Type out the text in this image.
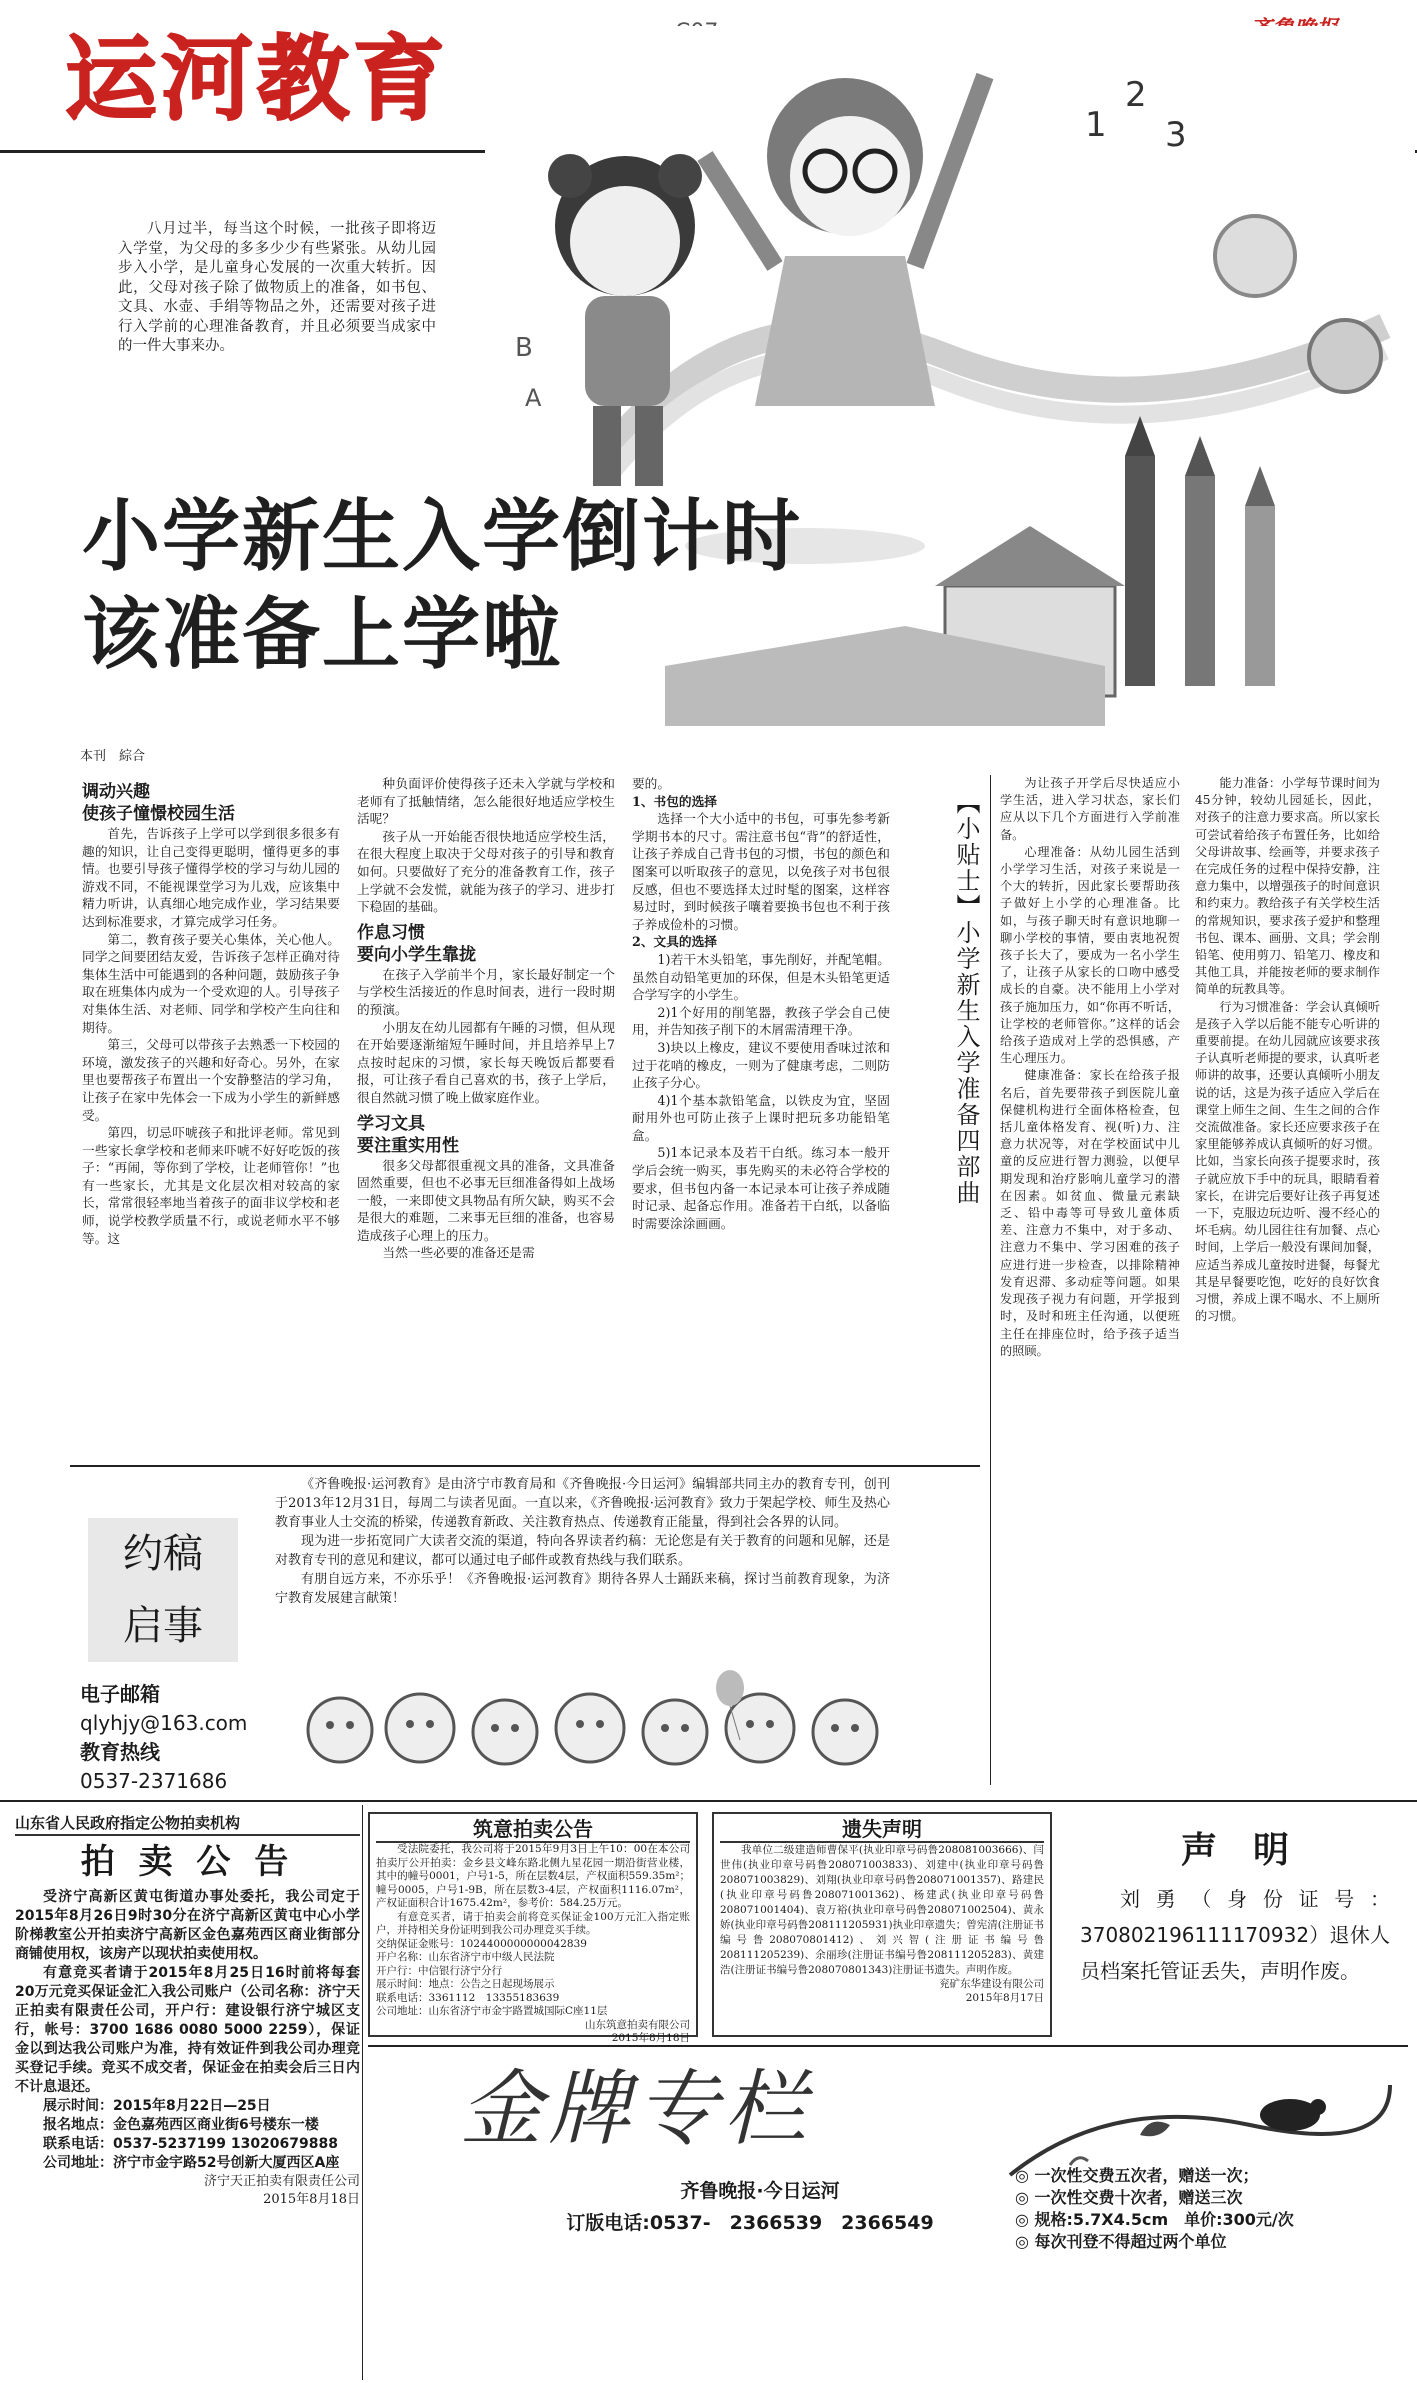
运河教育
八月过半，每当这个时候，一批孩子即将迈入学堂，为父母的多多少少有些紧张。从幼儿园步入小学，是儿童身心发展的一次重大转折。因此，父母对孩子除了做物质上的准备，如书包、文具、水壶、手绢等物品之外，还需要对孩子进行入学前的心理准备教育，并且必须要当成家中的一件大事来办。
1
2
3
B
A
小学新生入学倒计时
该准备上学啦
本刊　綜合
调动兴趣
使孩子憧憬校园生活

首先，告诉孩子上学可以学到很多很多有趣的知识，让自己变得更聪明，懂得更多的事情。也要引导孩子懂得学校的学习与幼儿园的游戏不同，不能视课堂学习为儿戏，应该集中精力听讲，认真细心地完成作业，学习结果要达到标准要求，才算完成学习任务。

第二，教育孩子要关心集体，关心他人。同学之间要团结友爱，告诉孩子怎样正确对待集体生活中可能遇到的各种问题，鼓励孩子争取在班集体内成为一个受欢迎的人。引导孩子对集体生活、对老师、同学和学校产生向往和期待。

第三，父母可以带孩子去熟悉一下校园的环境，激发孩子的兴趣和好奇心。另外，在家里也要帮孩子布置出一个安静整洁的学习角，让孩子在家中先体会一下成为小学生的新鲜感受。

第四，切忌吓唬孩子和批评老师。常见到一些家长拿学校和老师来吓唬不好好吃饭的孩子：“再闹，等你到了学校，让老师管你！”也有一些家长，尤其是文化层次相对较高的家长，常常很轻率地当着孩子的面非议学校和老师，说学校教学质量不行，或说老师水平不够等。这

种负面评价使得孩子还未入学就与学校和老师有了抵触情绪，怎么能很好地适应学校生活呢？

孩子从一开始能否很快地适应学校生活，在很大程度上取决于父母对孩子的引导和教育如何。只要做好了充分的准备教育工作，孩子上学就不会发慌，就能为孩子的学习、进步打下稳固的基础。

作息习惯
要向小学生靠拢

在孩子入学前半个月，家长最好制定一个与学校生活接近的作息时间表，进行一段时期的预演。

小朋友在幼儿园都有午睡的习惯，但从现在开始要逐渐缩短午睡时间，并且培养早上7点按时起床的习惯，家长每天晚饭后都要看报，可让孩子看自己喜欢的书，孩子上学后，很自然就习惯了晚上做家庭作业。

学习文具
要注重实用性

很多父母都很重视文具的准备，文具准备固然重要，但也不必事无巨细准备得如上战场一般，一来即使文具物品有所欠缺，购买不会是很大的难题，二来事无巨细的准备，也容易造成孩子心理上的压力。

当然一些必要的准备还是需

要的。
1、书包的选择

选择一个大小适中的书包，可事先参考新学期书本的尺寸。需注意书包“背”的舒适性，让孩子养成自己背书包的习惯，书包的颜色和图案可以听取孩子的意见，以免孩子对书包很反感，但也不要选择太过时髦的图案，这样容易过时，到时候孩子嚷着要换书包也不利于孩子养成俭朴的习惯。

2、文具的选择

1)若干木头铅笔，事先削好，并配笔帽。虽然自动铅笔更加的环保，但是木头铅笔更适合学写字的小学生。

2)1个好用的削笔器，教孩子学会自己使用，并告知孩子削下的木屑需清理干净。

3)块以上橡皮，建议不要使用香味过浓和过于花哨的橡皮，一则为了健康考虑，二则防止孩子分心。

4)1个基本款铅笔盒，以铁皮为宜，坚固耐用外也可防止孩子上课时把玩多功能铅笔盒。

5)1本记录本及若干白纸。练习本一般开学后会统一购买，事先购买的未必符合学校的要求，但书包内备一本记录本可让孩子养成随时记录、起备忘作用。准备若干白纸，以备临时需要涂涂画画。

【小贴士】小学新生入学准备四部曲

为让孩子开学后尽快适应小学生活，进入学习状态，家长们应从以下几个方面进行入学前准备。

心理准备：从幼儿园生活到小学学习生活，对孩子来说是一个大的转折，因此家长要帮助孩子做好上小学的心理准备。比如，与孩子聊天时有意识地聊一聊小学校的事情，要由衷地祝贺孩子长大了，要成为一名小学生了，让孩子从家长的口吻中感受成长的自豪。决不能用上小学对孩子施加压力，如“你再不听话，让学校的老师管你。”这样的话会给孩子造成对上学的恐惧感，产生心理压力。

健康准备：家长在给孩子报名后，首先要带孩子到医院儿童保健机构进行全面体格检查，包括儿童体格发育、视(听)力、注意力状况等，对在学校面试中儿童的反应进行智力测验，以便早期发现和治疗影响儿童学习的潜在因素。如贫血、微量元素缺乏、铅中毒等可导致儿童体质差、注意力不集中，对于多动、注意力不集中、学习困难的孩子应进行进一步检查，以排除精神发育迟滞、多动症等问题。如果发现孩子视力有问题，开学报到时，及时和班主任沟通，以便班主任在排座位时，给予孩子适当的照顾。

能力准备：小学每节课时间为45分钟，较幼儿园延长，因此，对孩子的注意力要求高。所以家长可尝试着给孩子布置任务，比如给父母讲故事、绘画等，并要求孩子在完成任务的过程中保持安静，注意力集中，以增强孩子的时间意识和约束力。教给孩子有关学校生活的常规知识，要求孩子爱护和整理书包、课本、画册、文具；学会削铅笔、使用剪刀、铅笔刀、橡皮和其他工具，并能按老师的要求制作简单的玩教具等。

行为习惯准备：学会认真倾听是孩子入学以后能不能专心听讲的重要前提。在幼儿园就应该要求孩子认真听老师提的要求，认真听老师讲的故事，还要认真倾听小朋友说的话，这是为孩子适应入学后在课堂上师生之间、生生之间的合作交流做准备。家长还应要求孩子在家里能够养成认真倾听的好习惯。比如，当家长向孩子提要求时，孩子就应放下手中的玩具，眼睛看着家长，在讲完后要好让孩子再复述一下，克服边玩边听、漫不经心的坏毛病。幼儿园往往有加餐、点心时间，上学后一般没有课间加餐，应适当养成儿童按时进餐，每餐尤其是早餐要吃饱，吃好的良好饮食习惯，养成上课不喝水、不上厕所的习惯。

约稿
启事
电子邮箱
qlyhjy@163.com
教育热线
0537-2371686

《齐鲁晚报·运河教育》是由济宁市教育局和《齐鲁晚报·今日运河》编辑部共同主办的教育专刊，创刊于2013年12月31日，每周二与读者见面。一直以来，《齐鲁晚报·运河教育》致力于架起学校、师生及热心教育事业人士交流的桥梁，传递教育新政、关注教育热点、传递教育正能量，得到社会各界的认同。

现为进一步拓宽同广大读者交流的渠道，特向各界读者约稿：无论您是有关于教育的问题和见解，还是对教育专刊的意见和建议，都可以通过电子邮件或教育热线与我们联系。

有朋自远方来，不亦乐乎！《齐鲁晚报·运河教育》期待各界人士踊跃来稿，探讨当前教育现象，为济宁教育发展建言献策！

山东省人民政府指定公物拍卖机构
拍 卖 公 告
受济宁高新区黄屯街道办事处委托，我公司定于2015年8月26日9时30分在济宁高新区黄屯中心小学阶梯教室公开拍卖济宁高新区金色嘉苑西区商业街部分商铺使用权，该房产以现状拍卖使用权。
有意竞买者请于2015年8月25日16时前将每套20万元竞买保证金汇入我公司账户（公司名称：济宁天正拍卖有限责任公司，开户行：建设银行济宁城区支行，帐号：3700 1686 0080 5000 2259），保证金以到达我公司账户为准，持有效证件到我公司办理竞买登记手续。竞买不成交者，保证金在拍卖会后三日内不计息退还。
展示时间：2015年8月22日—25日
报名地点：金色嘉苑西区商业街6号楼东一楼
联系电话：0537-5237199 13020679888
公司地址：济宁市金宇路52号创新大厦西区A座
济宁天正拍卖有限责任公司
2015年8月18日
筑意拍卖公告
受法院委托，我公司将于2015年9月3日上午10：00在本公司拍卖厅公开拍卖：金乡县文峰东路北侧九星花园一期沿街营业楼，其中的幢号0001，户号1-5，所在层数4层，产权面积559.35m²；幢号0005，户号1-9B，所在层数3-4层，产权面积1116.07m²，产权证面积合计1675.42m²，参考价：584.25万元。
有意竞买者，请于拍卖会前将竞买保证金100万元汇入指定账户，并持相关身份证明到我公司办理竞买手续。
交纳保证金账号：1024400000000042839
开户名称：山东省济宁市中级人民法院
开户行：中信银行济宁分行
展示时间：地点：公告之日起现场展示
联系电话：3361112　13355183639
公司地址：山东省济宁市金宇路置城国际C座11层
山东筑意拍卖有限公司
2015年8月18日
遗失声明
我单位二级建造师曹保平(执业印章号码鲁208081003666)、闫世伟(执业印章号码鲁208071003833)、刘建中(执业印章号码鲁208071003829)、刘翔(执业印章号码鲁208071001357)、路建民(执业印章号码鲁208071001362)、杨建武(执业印章号码鲁208071001404)、袁万裕(执业印章号码鲁208071002504)、黄永娇(执业印章号码鲁208111205931)执业印章遗失；曾宪清(注册证书编号鲁208070801412)、刘兴智(注册证书编号鲁208111205239)、余丽珍(注册证书编号鲁208111205283)、黄建浩(注册证书编号鲁208070801343)注册证书遗失。声明作废。
兖矿东华建设有限公司
2015年8月17日
声　明
刘勇（身份证号：370802196111170932）退休人员档案托管证丢失，声明作废。
金牌专栏
齐鲁晚报·今日运河
订版电话:0537-　2366539　2366549
◎ 一次性交费五次者，赠送一次；
◎ 一次性交费十次者，赠送三次
◎ 规格:5.7X4.5cm　单价:300元/次
◎ 每次刊登不得超过两个单位
